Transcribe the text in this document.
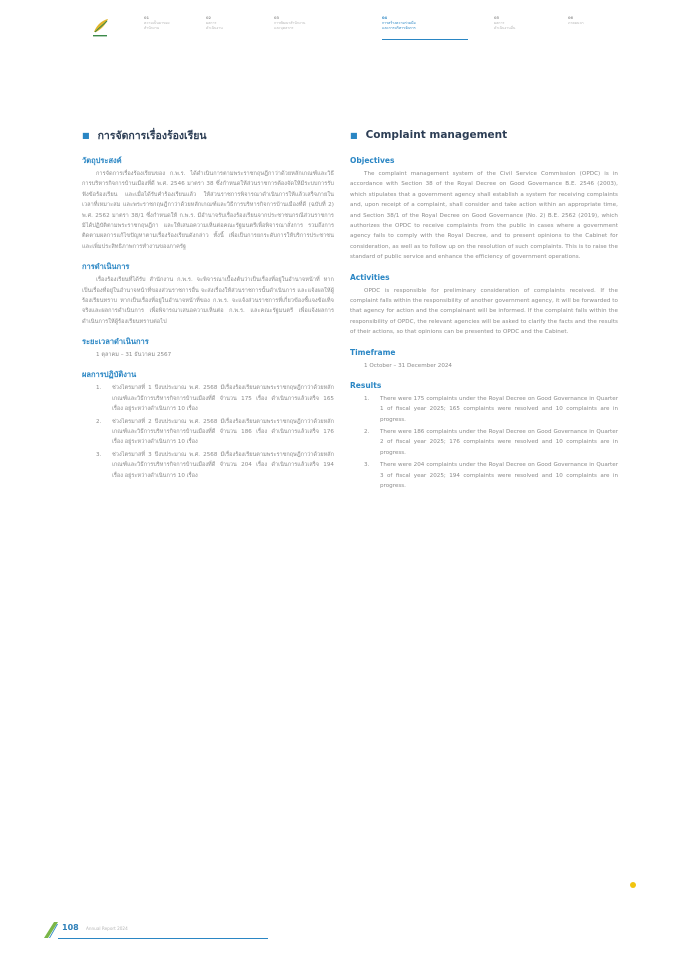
01
ความเป็นมาของ
สำนักงาน
02
ผลการ
ดำเนินงาน
03
การพัฒนาสำนักงาน
และบุคลากร
04
การสร้างความร่วมมือ
และการบริหารจัดการ
05
ผลการ
ดำเนินงานอื่น
06
ภาคผนวก
■ การจัดการเรื่องร้องเรียน
วัตถุประสงค์

การจัดการเรื่องร้องเรียนของ ก.พ.ร. ได้ดำเนินการตามพระราชกฤษฎีกาว่าด้วยหลักเกณฑ์และวิธีการบริหารกิจการบ้านเมืองที่ดี พ.ศ. 2546 มาตรา 38 ซึ่งกำหนดให้ส่วนราชการต้องจัดให้มีระบบการรับฟังข้อร้องเรียน และเมื่อได้รับคำร้องเรียนแล้ว ให้ส่วนราชการพิจารณาดำเนินการให้แล้วเสร็จภายในเวลาที่เหมาะสม และพระราชกฤษฎีกาว่าด้วยหลักเกณฑ์และวิธีการบริหารกิจการบ้านเมืองที่ดี (ฉบับที่ 2) พ.ศ. 2562 มาตรา 38/1 ซึ่งกำหนดให้ ก.พ.ร. มีอำนาจรับเรื่องร้องเรียนจากประชาชนกรณีส่วนราชการมิได้ปฏิบัติตามพระราชกฤษฎีกา และให้เสนอความเห็นต่อคณะรัฐมนตรีเพื่อพิจารณาสั่งการ รวมถึงการติดตามผลการแก้ไขปัญหาตามเรื่องร้องเรียนดังกล่าว ทั้งนี้ เพื่อเป็นการยกระดับการให้บริการประชาชนและเพิ่มประสิทธิภาพการทำงานของภาครัฐ

การดำเนินการ

เรื่องร้องเรียนที่ได้รับ สำนักงาน ก.พ.ร. จะพิจารณาเบื้องต้นว่าเป็นเรื่องที่อยู่ในอำนาจหน้าที่ หากเป็นเรื่องที่อยู่ในอำนาจหน้าที่ของส่วนราชการอื่น จะส่งเรื่องให้ส่วนราชการนั้นดำเนินการ และแจ้งผลให้ผู้ร้องเรียนทราบ หากเป็นเรื่องที่อยู่ในอำนาจหน้าที่ของ ก.พ.ร. จะแจ้งส่วนราชการที่เกี่ยวข้องชี้แจงข้อเท็จจริงและผลการดำเนินการ เพื่อพิจารณาเสนอความเห็นต่อ ก.พ.ร. และคณะรัฐมนตรี เพื่อแจ้งผลการดำเนินการให้ผู้ร้องเรียนทราบต่อไป

ระยะเวลาดำเนินการ

1 ตุลาคม – 31 ธันวาคม 2567

ผลการปฏิบัติงาน
1. ช่วงไตรมาสที่ 1 ปีงบประมาณ พ.ศ. 2568 มีเรื่องร้องเรียนตามพระราชกฤษฎีกาว่าด้วยหลักเกณฑ์และวิธีการบริหารกิจการบ้านเมืองที่ดี จำนวน 175 เรื่อง ดำเนินการแล้วเสร็จ 165 เรื่อง อยู่ระหว่างดำเนินการ 10 เรื่อง
2. ช่วงไตรมาสที่ 2 ปีงบประมาณ พ.ศ. 2568 มีเรื่องร้องเรียนตามพระราชกฤษฎีกาว่าด้วยหลักเกณฑ์และวิธีการบริหารกิจการบ้านเมืองที่ดี จำนวน 186 เรื่อง ดำเนินการแล้วเสร็จ 176 เรื่อง อยู่ระหว่างดำเนินการ 10 เรื่อง
3. ช่วงไตรมาสที่ 3 ปีงบประมาณ พ.ศ. 2568 มีเรื่องร้องเรียนตามพระราชกฤษฎีกาว่าด้วยหลักเกณฑ์และวิธีการบริหารกิจการบ้านเมืองที่ดี จำนวน 204 เรื่อง ดำเนินการแล้วเสร็จ 194 เรื่อง อยู่ระหว่างดำเนินการ 10 เรื่อง
■ Complaint management
Objectives

The complaint management system of the Civil Service Commission (OPDC) is in accordance with Section 38 of the Royal Decree on Good Governance B.E. 2546 (2003), which stipulates that a government agency shall establish a system for receiving complaints and, upon receipt of a complaint, shall consider and take action within an appropriate time, and Section 38/1 of the Royal Decree on Good Governance (No. 2) B.E. 2562 (2019), which authorizes the OPDC to receive complaints from the public in cases where a government agency fails to comply with the Royal Decree, and to present opinions to the Cabinet for consideration, as well as to follow up on the resolution of such complaints. This is to raise the standard of public service and enhance the efficiency of government operations.

Activities

OPDC is responsible for preliminary consideration of complaints received. If the complaint falls within the responsibility of another government agency, it will be forwarded to that agency for action and the complainant will be informed. If the complaint falls within the responsibility of OPDC, the relevant agencies will be asked to clarify the facts and the results of their actions, so that opinions can be presented to OPDC and the Cabinet.

Timeframe

1 October – 31 December 2024

Results
1. There were 175 complaints under the Royal Decree on Good Governance in Quarter 1 of fiscal year 2025; 165 complaints were resolved and 10 complaints are in progress.
2. There were 186 complaints under the Royal Decree on Good Governance in Quarter 2 of fiscal year 2025; 176 complaints were resolved and 10 complaints are in progress.
3. There were 204 complaints under the Royal Decree on Good Governance in Quarter 3 of fiscal year 2025; 194 complaints were resolved and 10 complaints are in progress.
108 Annual Report 2024
